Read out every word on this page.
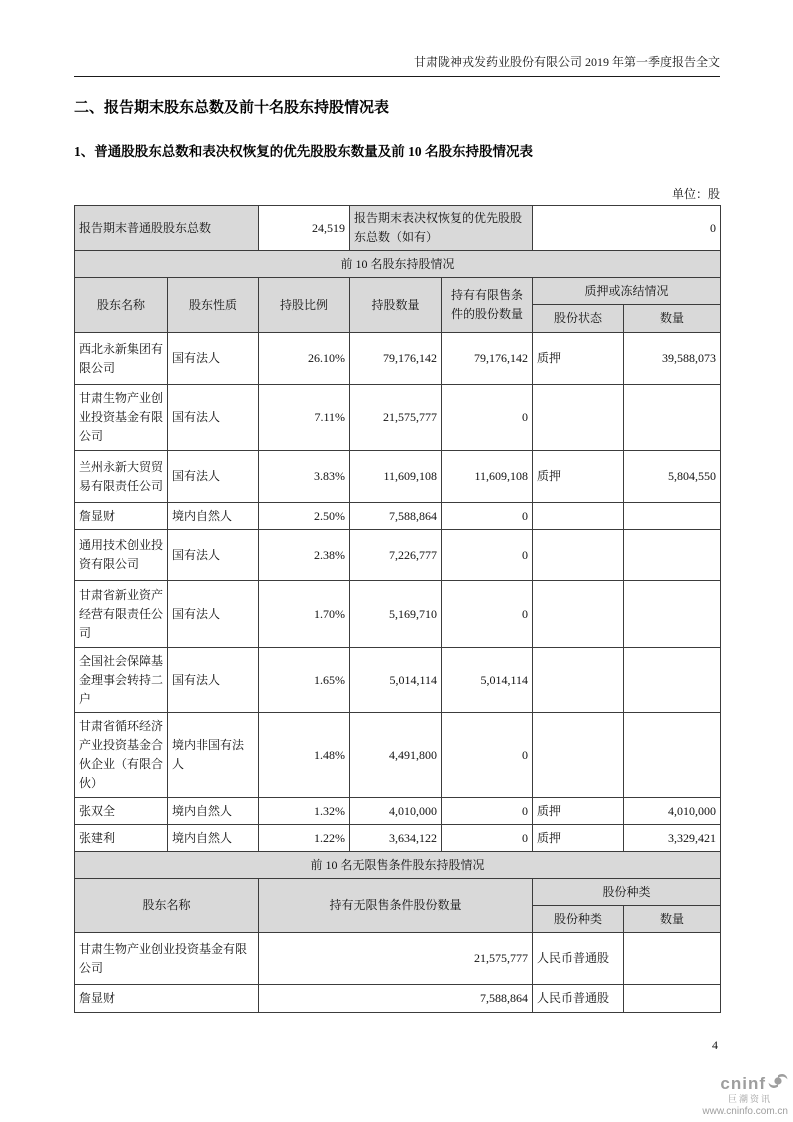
甘肃陇神戎发药业股份有限公司 2019 年第一季度报告全文
二、报告期末股东总数及前十名股东持股情况表
1、普通股股东总数和表决权恢复的优先股股东数量及前 10 名股东持股情况表
单位：股
报告期末普通股股东总数		24,519	报告期末表决权恢复的优先股股东总数（如有）		0	
前 10 名股东持股情况						
股东名称	股东性质	持股比例	持股数量	持有有限售条件的股份数量	质押或冻结情况	
					股份状态	数量
西北永新集团有限公司	国有法人	26.10%	79,176,142	79,176,142	质押	39,588,073
甘肃生物产业创业投资基金有限公司	国有法人	7.11%	21,575,777	0		
兰州永新大贸贸易有限责任公司	国有法人	3.83%	11,609,108	11,609,108	质押	5,804,550
詹显财	境内自然人	2.50%	7,588,864	0		
通用技术创业投资有限公司	国有法人	2.38%	7,226,777	0		
甘肃省新业资产经营有限责任公司	国有法人	1.70%	5,169,710	0		
全国社会保障基金理事会转持二户	国有法人	1.65%	5,014,114	5,014,114		
甘肃省循环经济产业投资基金合伙企业（有限合伙）	境内非国有法人	1.48%	4,491,800	0		
张双全	境内自然人	1.32%	4,010,000	0	质押	4,010,000
张建利	境内自然人	1.22%	3,634,122	0	质押	3,329,421
前 10 名无限售条件股东持股情况						
股东名称		持有无限售条件股份数量			股份种类	
					股份种类	数量
甘肃生物产业创业投资基金有限公司		21,575,777			人民币普通股	
詹显财		7,588,864			人民币普通股	
4
cninf
巨潮资讯
www.cninfo.com.cn
